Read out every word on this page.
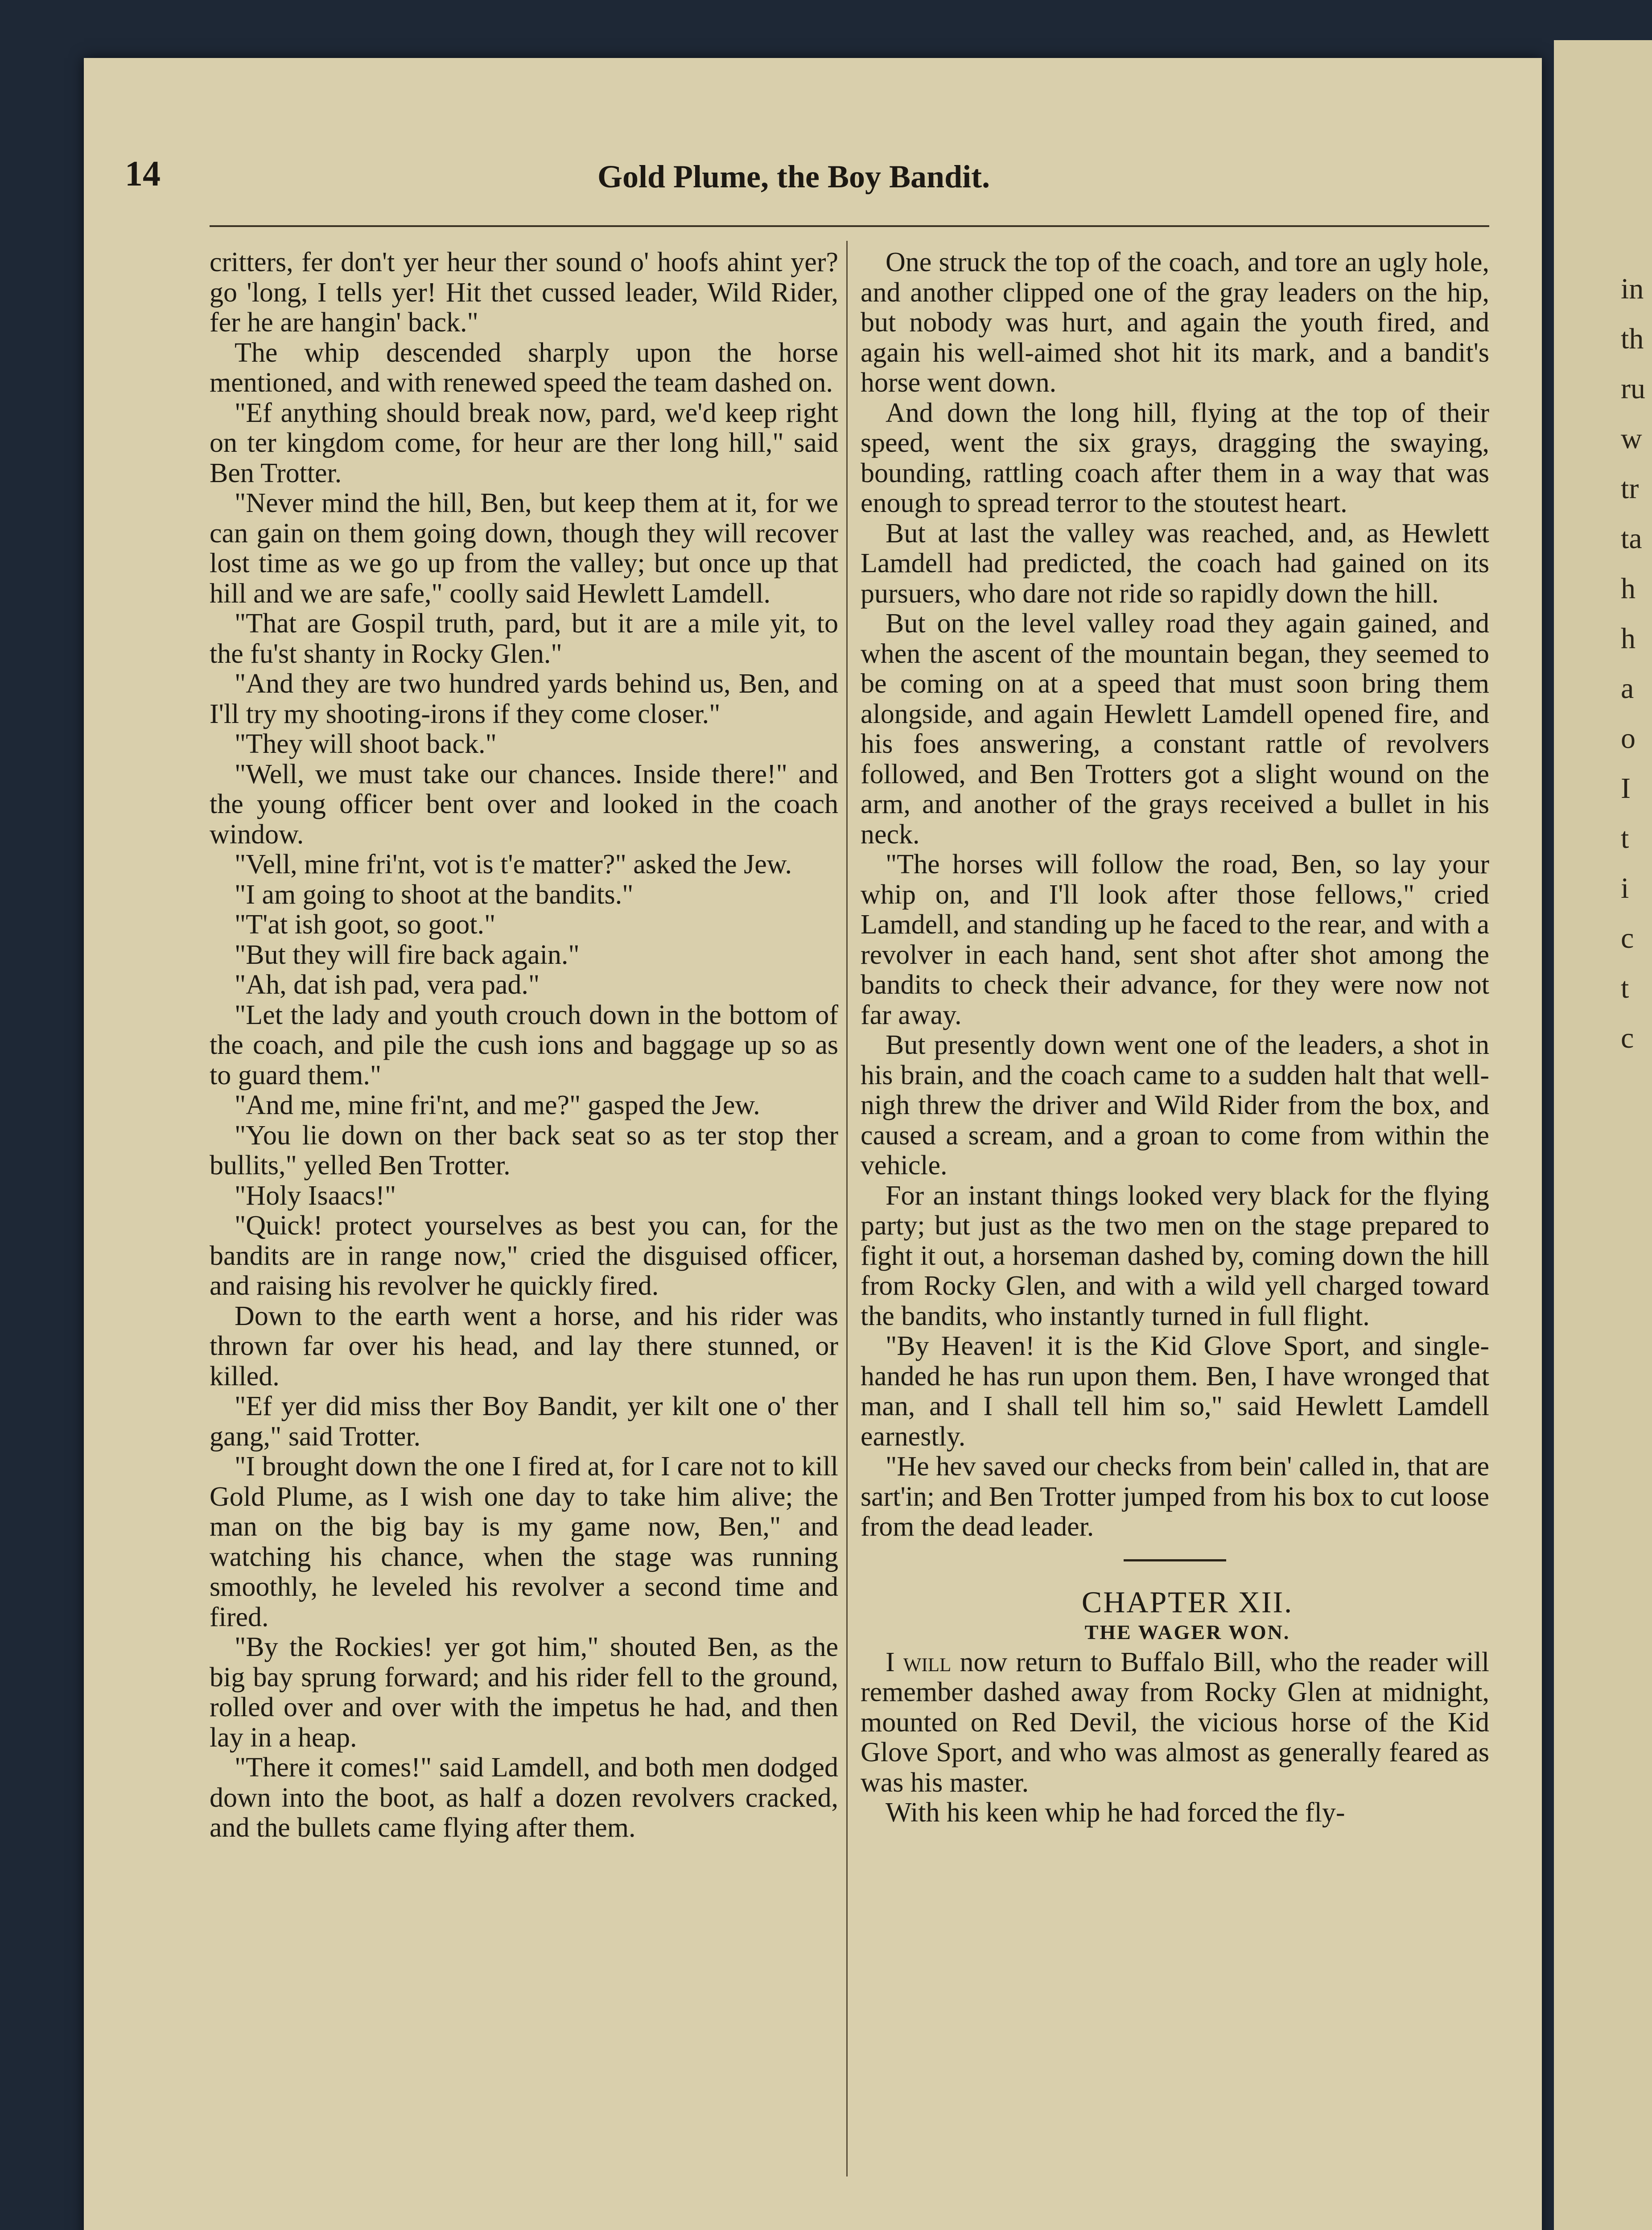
in
th
ru
w
tr
ta
h
h
a
o
I
t
i
c
t
c
14	Gold Plume, the Boy Bandit.

critters, fer don't yer heur ther sound o' hoofs ahint yer? go 'long, I tells yer! Hit thet cussed leader, Wild Rider, fer he are hangin' back."

The whip descended sharply upon the horse mentioned, and with renewed speed the team dashed on.

"Ef anything should break now, pard, we'd keep right on ter kingdom come, for heur are ther long hill," said Ben Trotter.

"Never mind the hill, Ben, but keep them at it, for we can gain on them going down, though they will recover lost time as we go up from the valley; but once up that hill and we are safe," coolly said Hewlett Lamdell.

"That are Gospil truth, pard, but it are a mile yit, to the fu'st shanty in Rocky Glen."

"And they are two hundred yards behind us, Ben, and I'll try my shooting-irons if they come closer."

"They will shoot back."

"Well, we must take our chances. Inside there!" and the young officer bent over and looked in the coach window.

"Vell, mine fri'nt, vot is t'e matter?" asked the Jew.

"I am going to shoot at the bandits."

"T'at ish goot, so goot."

"But they will fire back again."

"Ah, dat ish pad, vera pad."

"Let the lady and youth crouch down in the bottom of the coach, and pile the cush ions and baggage up so as to guard them."

"And me, mine fri'nt, and me?" gasped the Jew.

"You lie down on ther back seat so as ter stop ther bullits," yelled Ben Trotter.

"Holy Isaacs!"

"Quick! protect yourselves as best you can, for the bandits are in range now," cried the disguised officer, and raising his revolver he quickly fired.

Down to the earth went a horse, and his rider was thrown far over his head, and lay there stunned, or killed.

"Ef yer did miss ther Boy Bandit, yer kilt one o' ther gang," said Trotter.

"I brought down the one I fired at, for I care not to kill Gold Plume, as I wish one day to take him alive; the man on the big bay is my game now, Ben," and watching his chance, when the stage was running smoothly, he leveled his revolver a second time and fired.

"By the Rockies! yer got him," shouted Ben, as the big bay sprung forward; and his rider fell to the ground, rolled over and over with the impetus he had, and then lay in a heap.

"There it comes!" said Lamdell, and both men dodged down into the boot, as half a dozen revolvers cracked, and the bullets came flying after them.

One struck the top of the coach, and tore an ugly hole, and another clipped one of the gray leaders on the hip, but nobody was hurt, and again the youth fired, and again his well-aimed shot hit its mark, and a bandit's horse went down.

And down the long hill, flying at the top of their speed, went the six grays, dragging the swaying, bounding, rattling coach after them in a way that was enough to spread terror to the stoutest heart.

But at last the valley was reached, and, as Hewlett Lamdell had predicted, the coach had gained on its pursuers, who dare not ride so rapidly down the hill.

But on the level valley road they again gained, and when the ascent of the mountain began, they seemed to be coming on at a speed that must soon bring them alongside, and again Hewlett Lamdell opened fire, and his foes answering, a constant rattle of revolvers followed, and Ben Trotters got a slight wound on the arm, and another of the grays received a bullet in his neck.

"The horses will follow the road, Ben, so lay your whip on, and I'll look after those fellows," cried Lamdell, and standing up he faced to the rear, and with a revolver in each hand, sent shot after shot among the bandits to check their advance, for they were now not far away.

But presently down went one of the leaders, a shot in his brain, and the coach came to a sudden halt that well-nigh threw the driver and Wild Rider from the box, and caused a scream, and a groan to come from within the vehicle.

For an instant things looked very black for the flying party; but just as the two men on the stage prepared to fight it out, a horseman dashed by, coming down the hill from Rocky Glen, and with a wild yell charged toward the bandits, who instantly turned in full flight.

"By Heaven! it is the Kid Glove Sport, and single-handed he has run upon them. Ben, I have wronged that man, and I shall tell him so," said Hewlett Lamdell earnestly.

"He hev saved our checks from bein' called in, that are sart'in; and Ben Trotter jumped from his box to cut loose from the dead leader.

CHAPTER XII.

THE WAGER WON.

I will now return to Buffalo Bill, who the reader will remember dashed away from Rocky Glen at midnight, mounted on Red Devil, the vicious horse of the Kid Glove Sport, and who was almost as generally feared as was his master.

With his keen whip he had forced the fly-
